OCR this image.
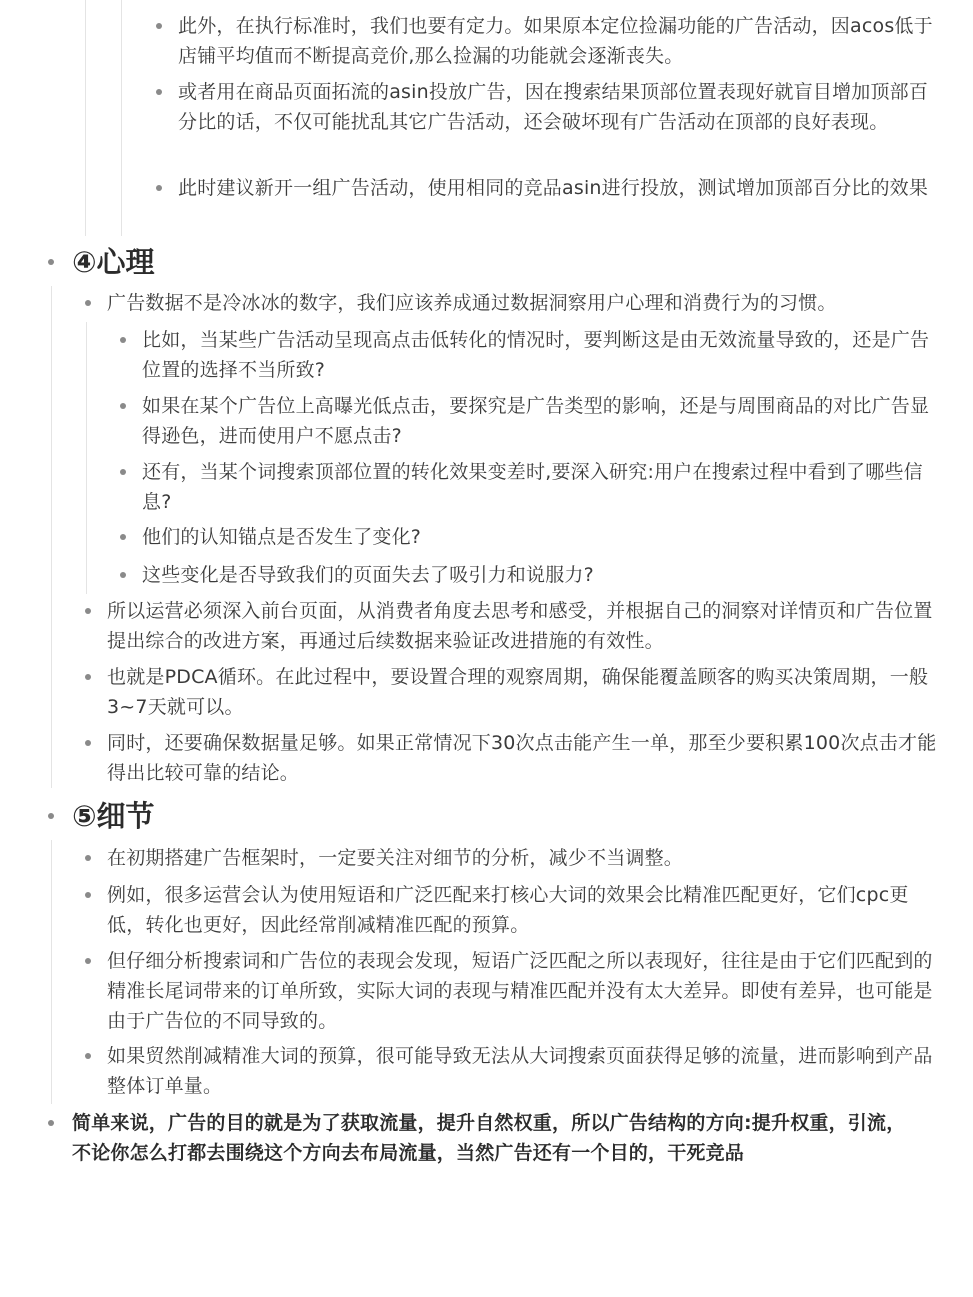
此外，在执行标准时，我们也要有定力。如果原本定位捡漏功能的广告活动，因acos低于店铺平均值而不断提高竞价,那么捡漏的功能就会逐渐丧失。
或者用在商品页面拓流的asin投放广告，因在搜索结果顶部位置表现好就盲目增加顶部百分比的话，不仅可能扰乱其它广告活动，还会破坏现有广告活动在顶部的良好表现。
此时建议新开一组广告活动，使用相同的竞品asin进行投放，测试增加顶部百分比的效果
④心理
广告数据不是冷冰冰的数字，我们应该养成通过数据洞察用户心理和消费行为的习惯。
比如，当某些广告活动呈现高点击低转化的情况时，要判断这是由无效流量导致的，还是广告位置的选择不当所致?
如果在某个广告位上高曝光低点击，要探究是广告类型的影响，还是与周围商品的对比广告显得逊色，进而使用户不愿点击?
还有，当某个词搜索顶部位置的转化效果变差时,要深入研究:用户在搜索过程中看到了哪些信息?
他们的认知锚点是否发生了变化?
这些变化是否导致我们的页面失去了吸引力和说服力?
所以运营必须深入前台页面，从消费者角度去思考和感受，并根据自己的洞察对详情页和广告位置提出综合的改进方案，再通过后续数据来验证改进措施的有效性。
也就是PDCA循环。在此过程中，要设置合理的观察周期，确保能覆盖顾客的购买决策周期，一般3~7天就可以。
同时，还要确保数据量足够。如果正常情况下30次点击能产生一单，那至少要积累100次点击才能得出比较可靠的结论。
⑤细节
在初期搭建广告框架时，一定要关注对细节的分析，减少不当调整。
例如，很多运营会认为使用短语和广泛匹配来打核心大词的效果会比精准匹配更好，它们cpc更低，转化也更好，因此经常削减精准匹配的预算。
但仔细分析搜索词和广告位的表现会发现，短语广泛匹配之所以表现好，往往是由于它们匹配到的精准长尾词带来的订单所致，实际大词的表现与精准匹配并没有太大差异。即使有差异，也可能是由于广告位的不同导致的。
如果贸然削减精准大词的预算，很可能导致无法从大词搜索页面获得足够的流量，进而影响到产品整体订单量。
简单来说，广告的目的就是为了获取流量，提升自然权重，所以广告结构的方向:提升权重，引流，不论你怎么打都去围绕这个方向去布局流量，当然广告还有一个目的，干死竞品
